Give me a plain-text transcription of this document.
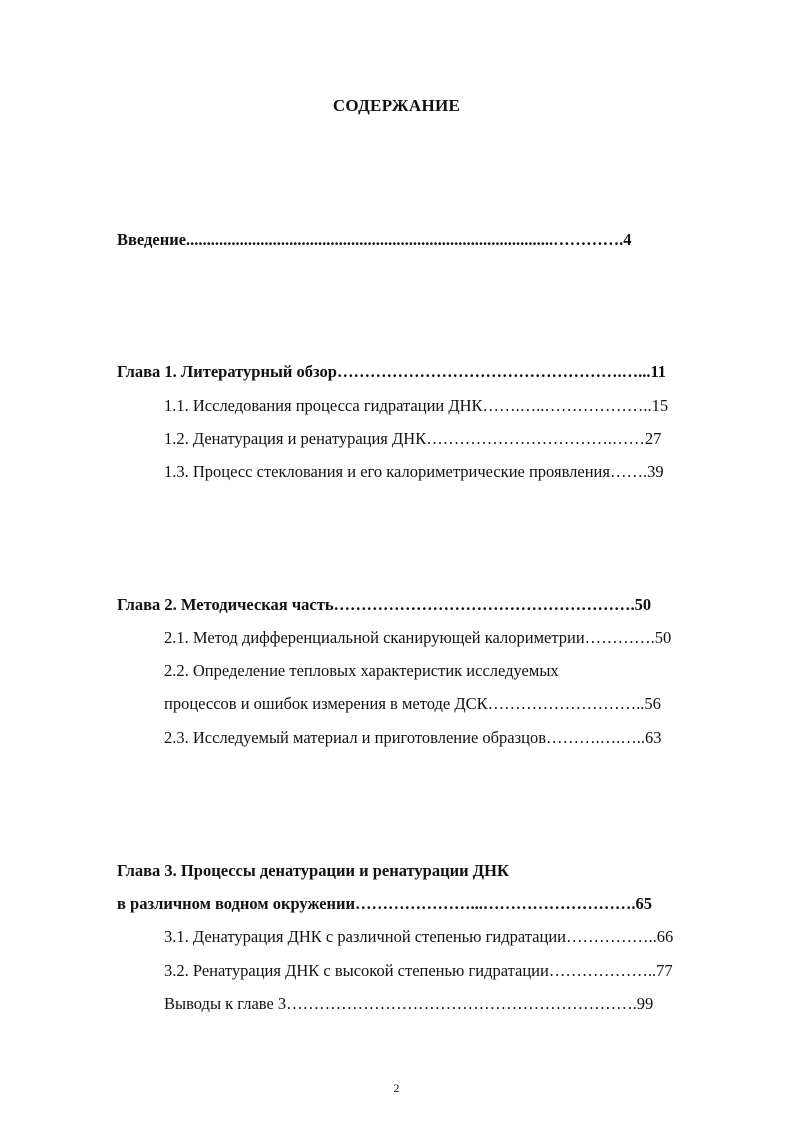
СОДЕРЖАНИЕ
Введение.........................................................................................………….4
Глава 1. Литературный обзор…………………………………………….…...11
1.1. Исследования процесса гидратации ДНК…….…..………………..15
1.2. Денатурация и ренатурация ДНК…………………………….……27
1.3. Процесс стеклования и его калориметрические проявления…….39
Глава 2. Методическая часть……………………………………………….50
2.1. Метод дифференциальной сканирующей калориметрии………….50
2.2. Определение тепловых характеристик исследуемых
процессов и ошибок измерения в методе ДСК………………………..56
2.3. Исследуемый материал и приготовление образцов……….….…..63
Глава 3. Процессы денатурации и ренатурации ДНК
в различном водном окружении…………………...……………………….65
3.1. Денатурация ДНК с различной степенью гидратации……………..66
3.2. Ренатурация ДНК с высокой степенью гидратации………………..77
Выводы к главе 3……………………………………………………….99
2
